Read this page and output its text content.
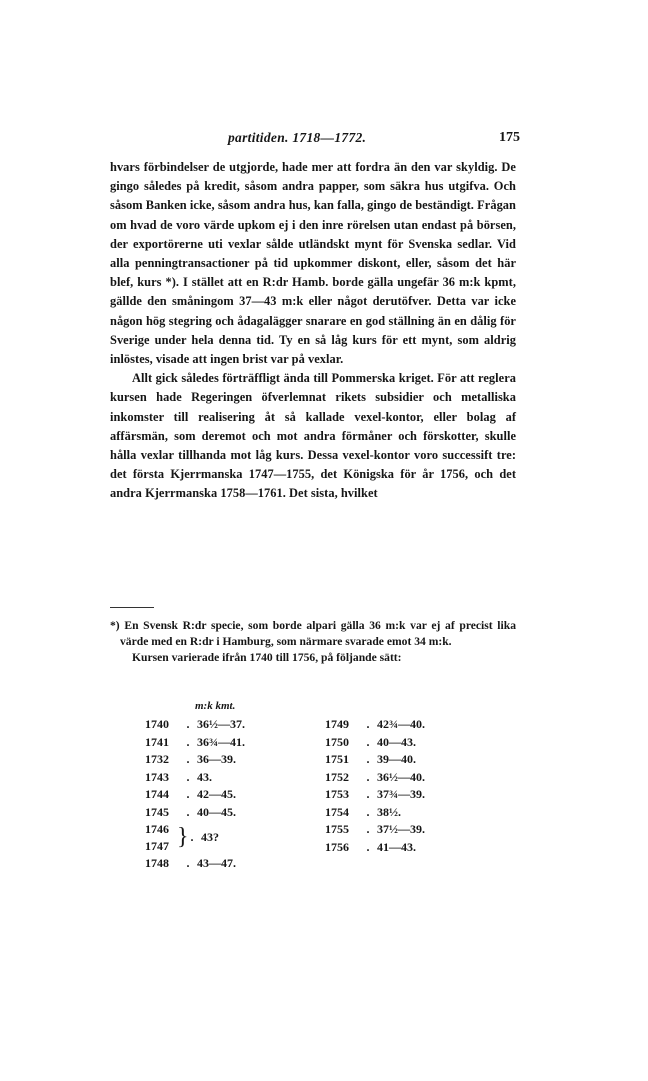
partitiden. 1718—1772.	175

hvars förbindelser de utgjorde, hade mer att fordra än den var skyldig. De gingo således på kredit, såsom andra papper, som säkra hus utgifva. Och såsom Banken icke, såsom andra hus, kan falla, gingo de beständigt. Frågan om hvad de voro värde upkom ej i den inre rörelsen utan endast på börsen, der exportörerne uti vexlar sålde utländskt mynt för Svenska sedlar. Vid alla penningtransactioner på tid upkommer diskont, eller, såsom det här blef, kurs *). I stället att en R:dr Hamb. borde gälla ungefär 36 m:k kpmt, gällde den småningom 37—43 m:k eller något derutöfver. Detta var icke någon hög stegring och ådagalägger snarare en god ställning än en dålig för Sverige under hela denna tid. Ty en så låg kurs för ett mynt, som aldrig inlöstes, visade att ingen brist var på vexlar.

Allt gick således förträffligt ända till Pommerska kriget. För att reglera kursen hade Regeringen öfverlemnat rikets subsidier och metalliska inkomster till realisering åt så kallade vexel-kontor, eller bolag af affärsmän, som deremot och mot andra förmåner och förskotter, skulle hålla vexlar tillhanda mot låg kurs. Dessa vexel-kontor voro successift tre: det första Kjerrmanska 1747—1755, det Königska för år 1756, och det andra Kjerrmanska 1758—1761. Det sista, hvilket

*) En Svensk R:dr specie, som borde alpari gälla 36 m:k var ej af precist lika värde med en R:dr i Hamburg, som närmare svarade emot 34 m:k.

Kursen varierade ifrån 1740 till 1756, på följande sätt:

m:k kmt.
1740 . 36½—37.
1741 . 36¾—41.
1732 . 36—39.
1743 . 43.
1744 . 42—45.
1745 . 40—45.
1746
1747 } . 43?
1748 . 43—47.
1749 . 42¾—40.
1750 . 40—43.
1751 . 39—40.
1752 . 36½—40.
1753 . 37¾—39.
1754 . 38½.
1755 . 37½—39.
1756 . 41—43.
